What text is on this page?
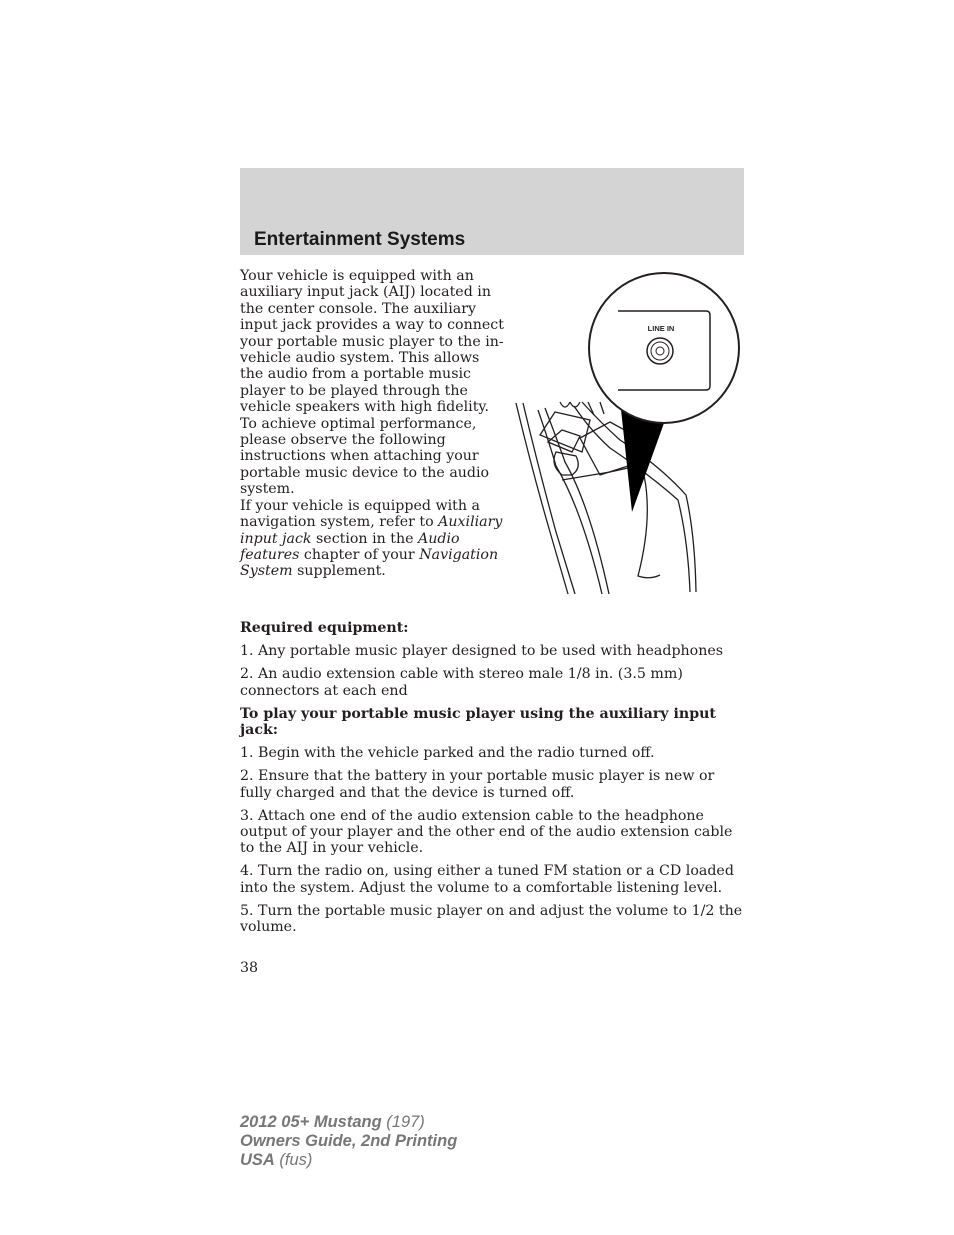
Entertainment Systems

Your vehicle is equipped with an auxiliary input jack (AIJ) located in the center console. The auxiliary input jack provides a way to connect your portable music player to the in-vehicle audio system. This allows the audio from a portable music player to be played through the vehicle speakers with high fidelity. To achieve optimal performance, please observe the following instructions when attaching your portable music device to the audio system.

If your vehicle is equipped with a navigation system, refer to Auxiliary input jack section in the Audio features chapter of your Navigation System supplement.

LINE IN

Required equipment:

1. Any portable music player designed to be used with headphones

2. An audio extension cable with stereo male 1/8 in. (3.5 mm) connectors at each end

To play your portable music player using the auxiliary input jack:

1. Begin with the vehicle parked and the radio turned off.

2. Ensure that the battery in your portable music player is new or fully charged and that the device is turned off.

3. Attach one end of the audio extension cable to the headphone output of your player and the other end of the audio extension cable to the AIJ in your vehicle.

4. Turn the radio on, using either a tuned FM station or a CD loaded into the system. Adjust the volume to a comfortable listening level.

5. Turn the portable music player on and adjust the volume to 1/2 the volume.

38
2012 05+ Mustang (197)
Owners Guide, 2nd Printing
USA (fus)
